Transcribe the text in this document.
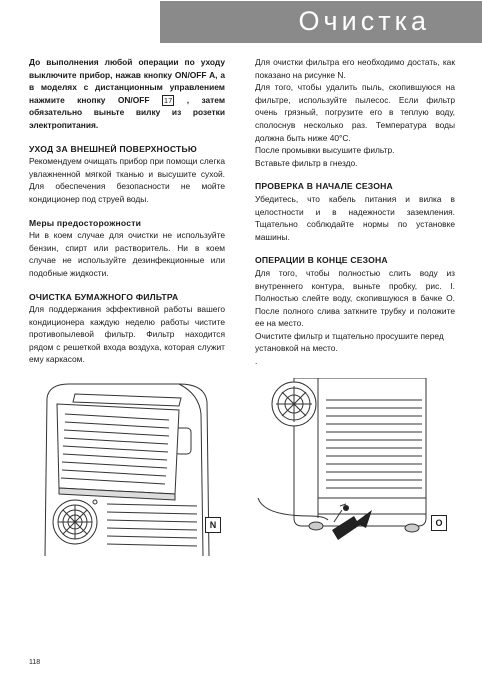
Очистка

До выполнения любой операции по уходу выключите прибор, нажав кнопку ON/OFF A, а в моделях с дистанционным управлением нажмите кнопку ON/OFF 17 , затем обязательно выньте вилку из розетки электропитания.

УХОД ЗА ВНЕШНЕЙ ПОВЕРХНОСТЬЮ

Рекомендуем очищать прибор при помощи слегка увлажненной мягкой тканью и высушите сухой. Для обеспечения безопасности не мойте кондиционер под струей воды.

Меры предосторожности

Ни в коем случае для очистки не используйте бензин, спирт или растворитель. Ни в коем случае не используйте дезинфекционные или подобные жидкости.

ОЧИСТКА БУМАЖНОГО ФИЛЬТРА

Для поддержания эффективной работы вашего кондиционера каждую неделю работы чистите противопылевой фильтр. Фильтр находится рядом с решеткой входа воздуха, которая служит ему каркасом.

Для очистки фильтра его необходимо достать, как показано на рисунке N.

Для того, чтобы удалить пыль, скопившуюся на фильтре, используйте пылесос. Если фильтр очень грязный, погрузите его в теплую воду, сполоснув несколько раз. Температура воды должна быть ниже 40°C.

После промывки высушите фильтр.

Вставьте фильтр в гнездо.

ПРОВЕРКА В НАЧАЛЕ СЕЗОНА

Убедитесь, что кабель питания и вилка в целостности и в надежности заземления. Тщательно соблюдайте нормы по установке машины.

ОПЕРАЦИИ В КОНЦЕ СЕЗОНА

Для того, чтобы полностью слить воду из внутреннего контура, выньте пробку, рис. I. Полностью слейте воду, скопившуюся в бачке O. После полного слива заткните трубку и положите ее на место.

Очистите фильтр и тщательно просушите перед установкой на место.

.

N	O
118
